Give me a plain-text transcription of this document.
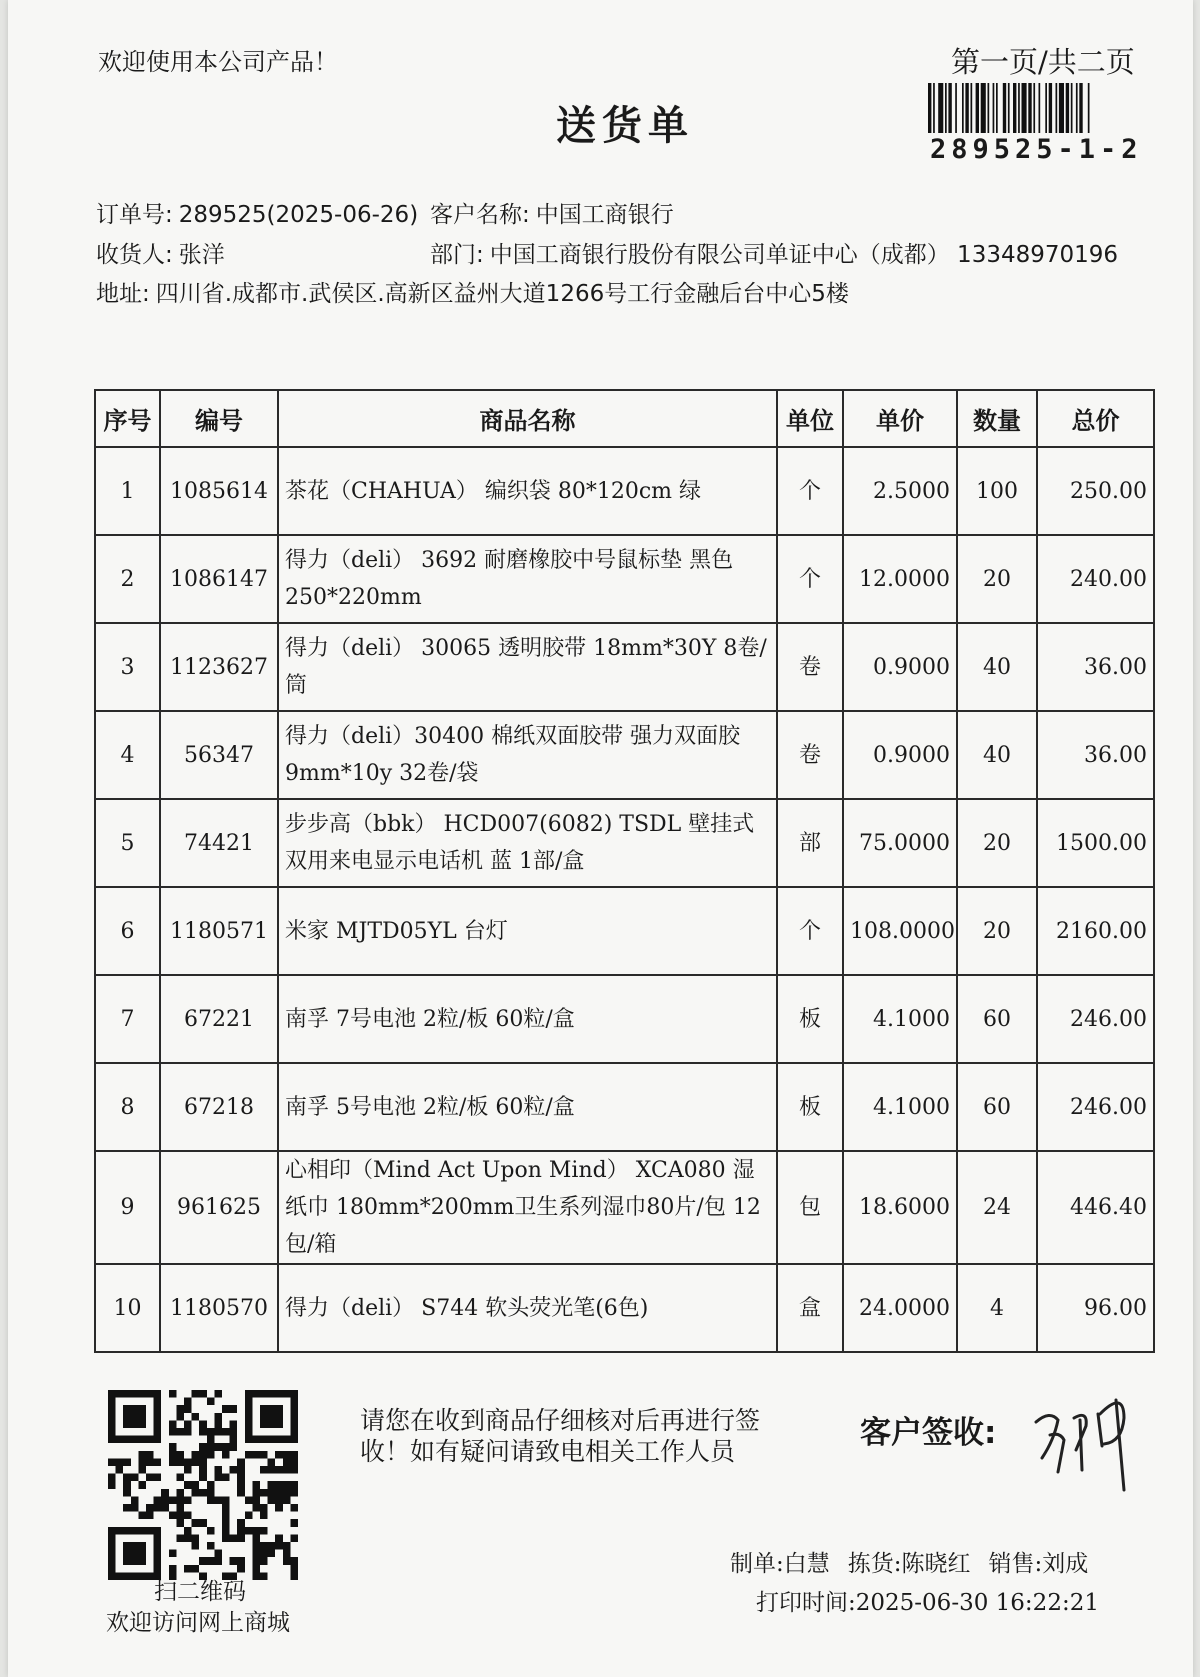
欢迎使用本公司产品！	第一页/共二页
289525-1-2
送货单
订单号: 289525(2025-06-26) 客户名称: 中国工商银行
收货人: 张洋	部门: 中国工商银行股份有限公司单证中心（成都） 13348970196
地址: 四川省.成都市.武侯区.高新区益州大道1266号工行金融后台中心5楼
序号	编号	商品名称	单位	单价	数量	总价
1	1085614	茶花（CHAHUA） 编织袋 80*120cm 绿	个	2.5000	100	250.00
2	1086147	得力（deli） 3692 耐磨橡胶中号鼠标垫 黑色 250*220mm	个	12.0000	20	240.00
3	1123627	得力（deli） 30065 透明胶带 18mm*30Y 8卷/筒	卷	0.9000	40	36.00
4	56347	得力（deli）30400 棉纸双面胶带 强力双面胶 9mm*10y 32卷/袋	卷	0.9000	40	36.00
5	74421	步步高（bbk） HCD007(6082) TSDL 壁挂式双用来电显示电话机 蓝 1部/盒	部	75.0000	20	1500.00
6	1180571	米家 MJTD05YL 台灯	个	108.0000	20	2160.00
7	67221	南孚 7号电池 2粒/板 60粒/盒	板	4.1000	60	246.00
8	67218	南孚 5号电池 2粒/板 60粒/盒	板	4.1000	60	246.00
9	961625	心相印（Mind Act Upon Mind） XCA080 湿纸巾 180mm*200mm卫生系列湿巾80片/包 12包/箱	包	18.6000	24	446.40
10	1180570	得力（deli） S744 软头荧光笔(6色)	盒	24.0000	4	96.00
扫二维码
欢迎访问网上商城
请您在收到商品仔细核对后再进行签收！如有疑问请致电相关工作人员
客户签收:
制单:白慧 拣货:陈晓红 销售:刘成
打印时间:2025-06-30 16:22:21
